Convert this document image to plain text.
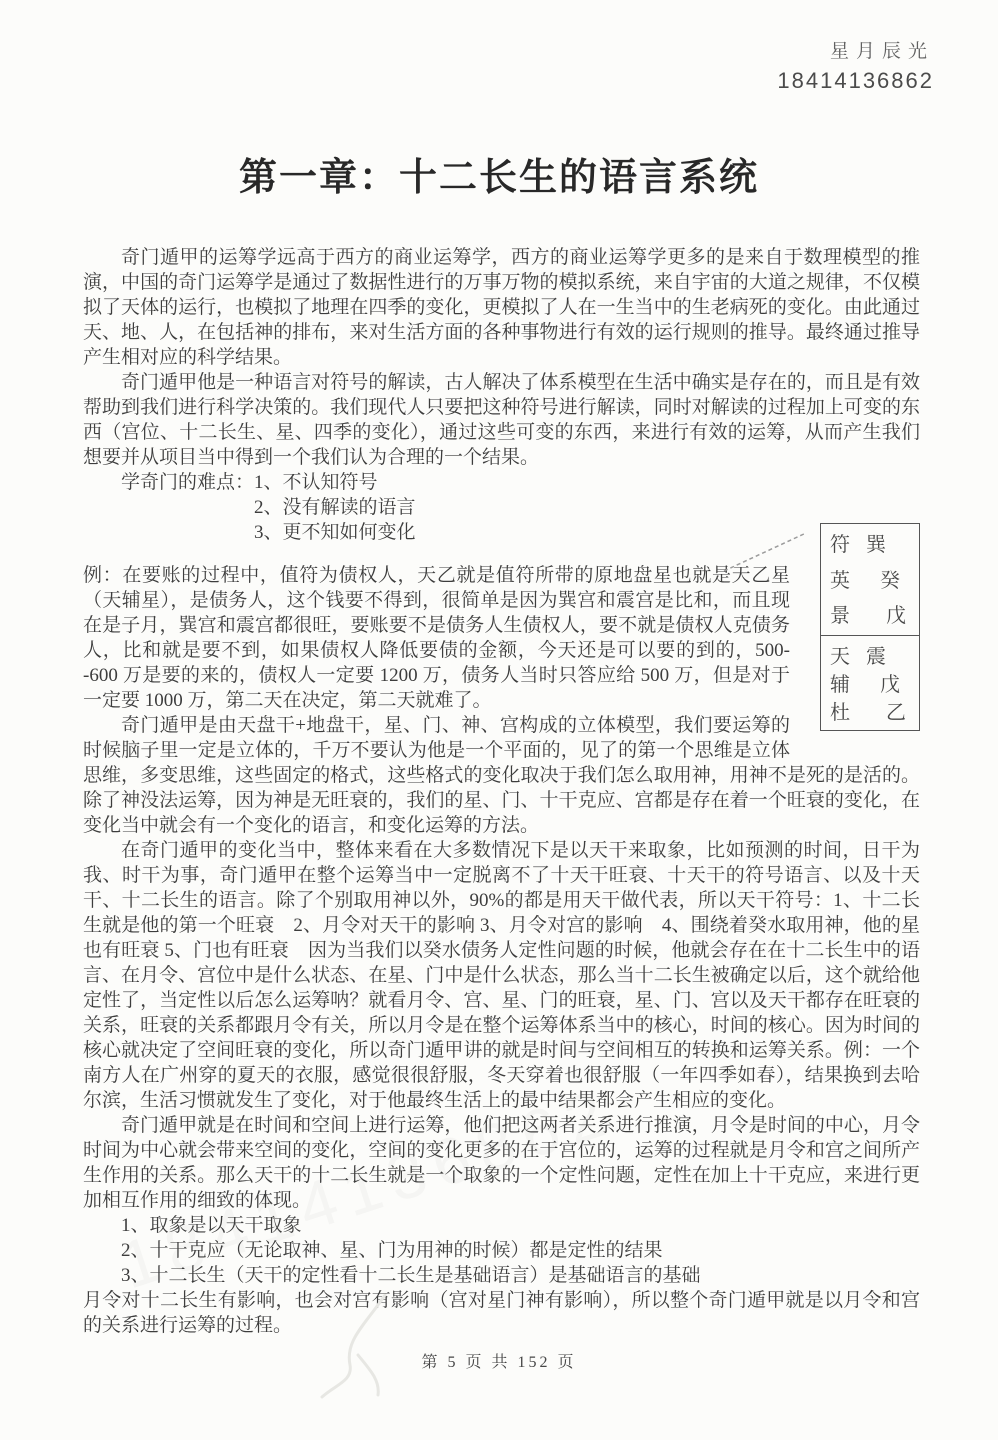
星月辰光
18414136862
第一章：十二长生的语言系统

奇门遁甲的运筹学远高于西方的商业运筹学，西方的商业运筹学更多的是来自于数理模型的推演，中国的奇门运筹学是通过了数据性进行的万事万物的模拟系统，来自宇宙的大道之规律，不仅模拟了天体的运行，也模拟了地理在四季的变化，更模拟了人在一生当中的生老病死的变化。由此通过天、地、人，在包括神的排布，来对生活方面的各种事物进行有效的运行规则的推导。最终通过推导产生相对应的科学结果。

奇门遁甲他是一种语言对符号的解读，古人解决了体系模型在生活中确实是存在的，而且是有效帮助到我们进行科学决策的。我们现代人只要把这种符号进行解读，同时对解读的过程加上可变的东西（宫位、十二长生、星、四季的变化），通过这些可变的东西，来进行有效的运筹，从而产生我们想要并从项目当中得到一个我们认为合理的一个结果。

学奇门的难点：1、不认知符号
2、没有解读的语言
3、更不知如何变化
符 巽
英 癸
景 戊
天 震
辅 戊
杜 乙

例：在要账的过程中，值符为债权人，天乙就是值符所带的原地盘星也就是天乙星（天辅星），是债务人，这个钱要不得到，很简单是因为巽宫和震宫是比和，而且现在是子月，巽宫和震宫都很旺，要账要不是债务人生债权人，要不就是债权人克债务人，比和就是要不到，如果债权人降低要债的金额，今天还是可以要的到的，500--600 万是要的来的，债权人一定要 1200 万，债务人当时只答应给 500 万，但是对于一定要 1000 万，第二天在决定，第二天就难了。

奇门遁甲是由天盘干+地盘干，星、门、神、宫构成的立体模型，我们要运筹的时候脑子里一定是立体的，千万不要认为他是一个平面的，见了的第一个思维是立体思维，多变思维，这些固定的格式，这些格式的变化取决于我们怎么取用神，用神不是死的是活的。除了神没法运筹，因为神是无旺衰的，我们的星、门、十干克应、宫都是存在着一个旺衰的变化，在变化当中就会有一个变化的语言，和变化运筹的方法。

在奇门遁甲的变化当中，整体来看在大多数情况下是以天干来取象，比如预测的时间，日干为我、时干为事，奇门遁甲在整个运筹当中一定脱离不了十天干旺衰、十天干的符号语言、以及十天干、十二长生的语言。除了个别取用神以外，90%的都是用天干做代表，所以天干符号：1、十二长生就是他的第一个旺衰　2、月令对天干的影响 3、月令对宫的影响　4、围绕着癸水取用神，他的星也有旺衰 5、门也有旺衰　因为当我们以癸水债务人定性问题的时候，他就会存在在十二长生中的语言、在月令、宫位中是什么状态、在星、门中是什么状态，那么当十二长生被确定以后，这个就给他定性了，当定性以后怎么运筹呐？就看月令、宫、星、门的旺衰，星、门、宫以及天干都存在旺衰的关系，旺衰的关系都跟月令有关，所以月令是在整个运筹体系当中的核心，时间的核心。因为时间的核心就决定了空间旺衰的变化，所以奇门遁甲讲的就是时间与空间相互的转换和运筹关系。例：一个南方人在广州穿的夏天的衣服，感觉很很舒服，冬天穿着也很舒服（一年四季如春），结果换到去哈尔滨，生活习惯就发生了变化，对于他最终生活上的最中结果都会产生相应的变化。

奇门遁甲就是在时间和空间上进行运筹，他们把这两者关系进行推演，月令是时间的中心，月令时间为中心就会带来空间的变化，空间的变化更多的在于宫位的，运筹的过程就是月令和宫之间所产生作用的关系。那么天干的十二长生就是一个取象的一个定性问题，定性在加上十干克应，来进行更加相互作用的细致的体现。

1、取象是以天干取象
2、十干克应（无论取神、星、门为用神的时候）都是定性的结果
3、十二长生（天干的定性看十二长生是基础语言）是基础语言的基础

月令对十二长生有影响，也会对宫有影响（宫对星门神有影响），所以整个奇门遁甲就是以月令和宫的关系进行运筹的过程。

第 5 页 共 152 页
